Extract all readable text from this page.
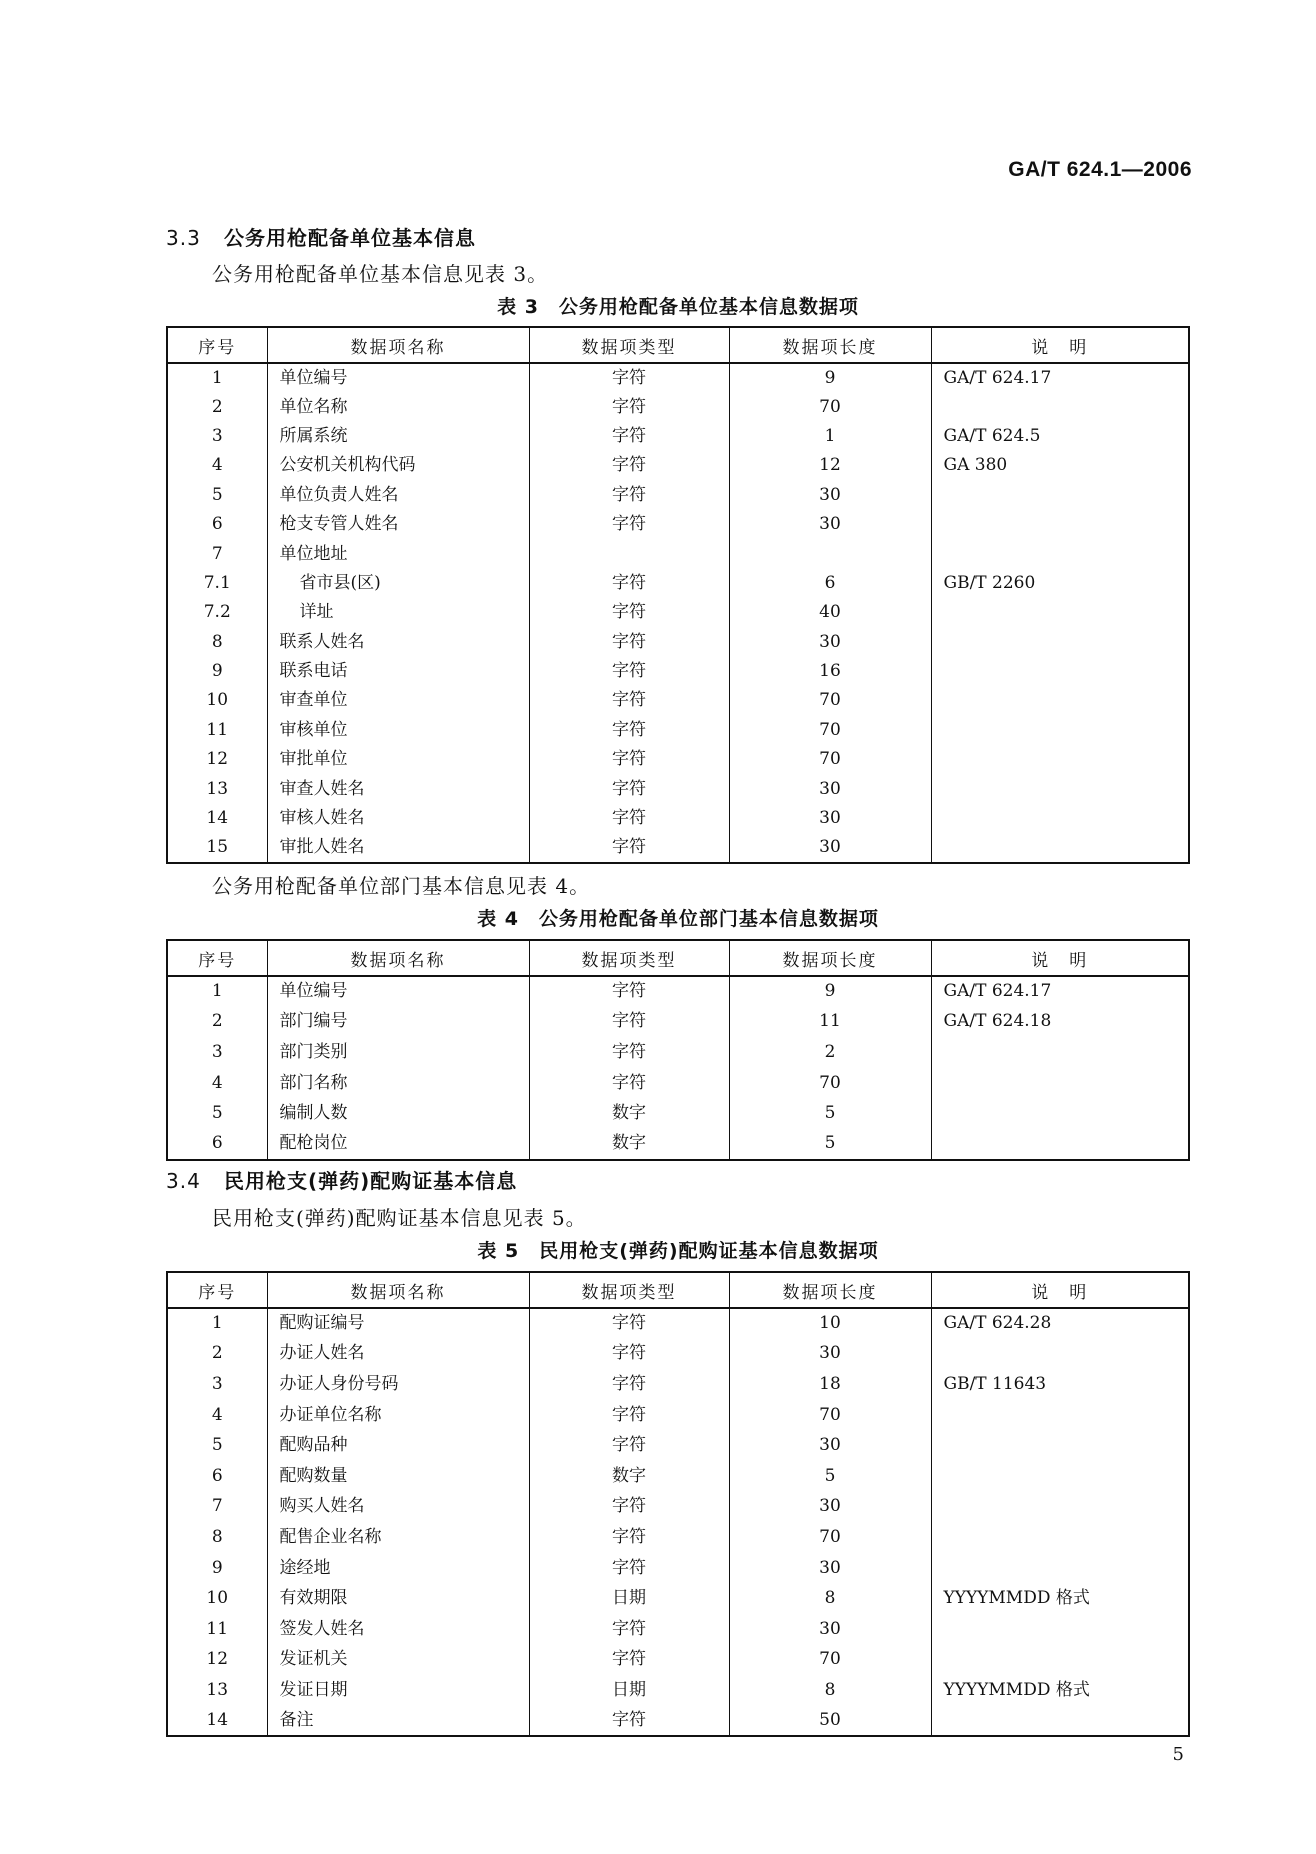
GA/T 624.1—2006
3.3 公务用枪配备单位基本信息
公务用枪配备单位基本信息见表 3。
表 3　公务用枪配备单位基本信息数据项
序号	数据项名称	数据项类型	数据项长度	说　明
1	单位编号	字符	9	GA/T 624.17
2	单位名称	字符	70	
3	所属系统	字符	1	GA/T 624.5
4	公安机关机构代码	字符	12	GA 380
5	单位负责人姓名	字符	30	
6	枪支专管人姓名	字符	30	
7	单位地址			
7.1	省市县(区)	字符	6	GB/T 2260
7.2	详址	字符	40	
8	联系人姓名	字符	30	
9	联系电话	字符	16	
10	审查单位	字符	70	
11	审核单位	字符	70	
12	审批单位	字符	70	
13	审查人姓名	字符	30	
14	审核人姓名	字符	30	
15	审批人姓名	字符	30	
公务用枪配备单位部门基本信息见表 4。
表 4　公务用枪配备单位部门基本信息数据项
序号	数据项名称	数据项类型	数据项长度	说　明
1	单位编号	字符	9	GA/T 624.17
2	部门编号	字符	11	GA/T 624.18
3	部门类别	字符	2	
4	部门名称	字符	70	
5	编制人数	数字	5	
6	配枪岗位	数字	5	
3.4 民用枪支(弹药)配购证基本信息
民用枪支(弹药)配购证基本信息见表 5。
表 5　民用枪支(弹药)配购证基本信息数据项
序号	数据项名称	数据项类型	数据项长度	说　明
1	配购证编号	字符	10	GA/T 624.28
2	办证人姓名	字符	30	
3	办证人身份号码	字符	18	GB/T 11643
4	办证单位名称	字符	70	
5	配购品种	字符	30	
6	配购数量	数字	5	
7	购买人姓名	字符	30	
8	配售企业名称	字符	70	
9	途经地	字符	30	
10	有效期限	日期	8	YYYYMMDD 格式
11	签发人姓名	字符	30	
12	发证机关	字符	70	
13	发证日期	日期	8	YYYYMMDD 格式
14	备注	字符	50	
5
